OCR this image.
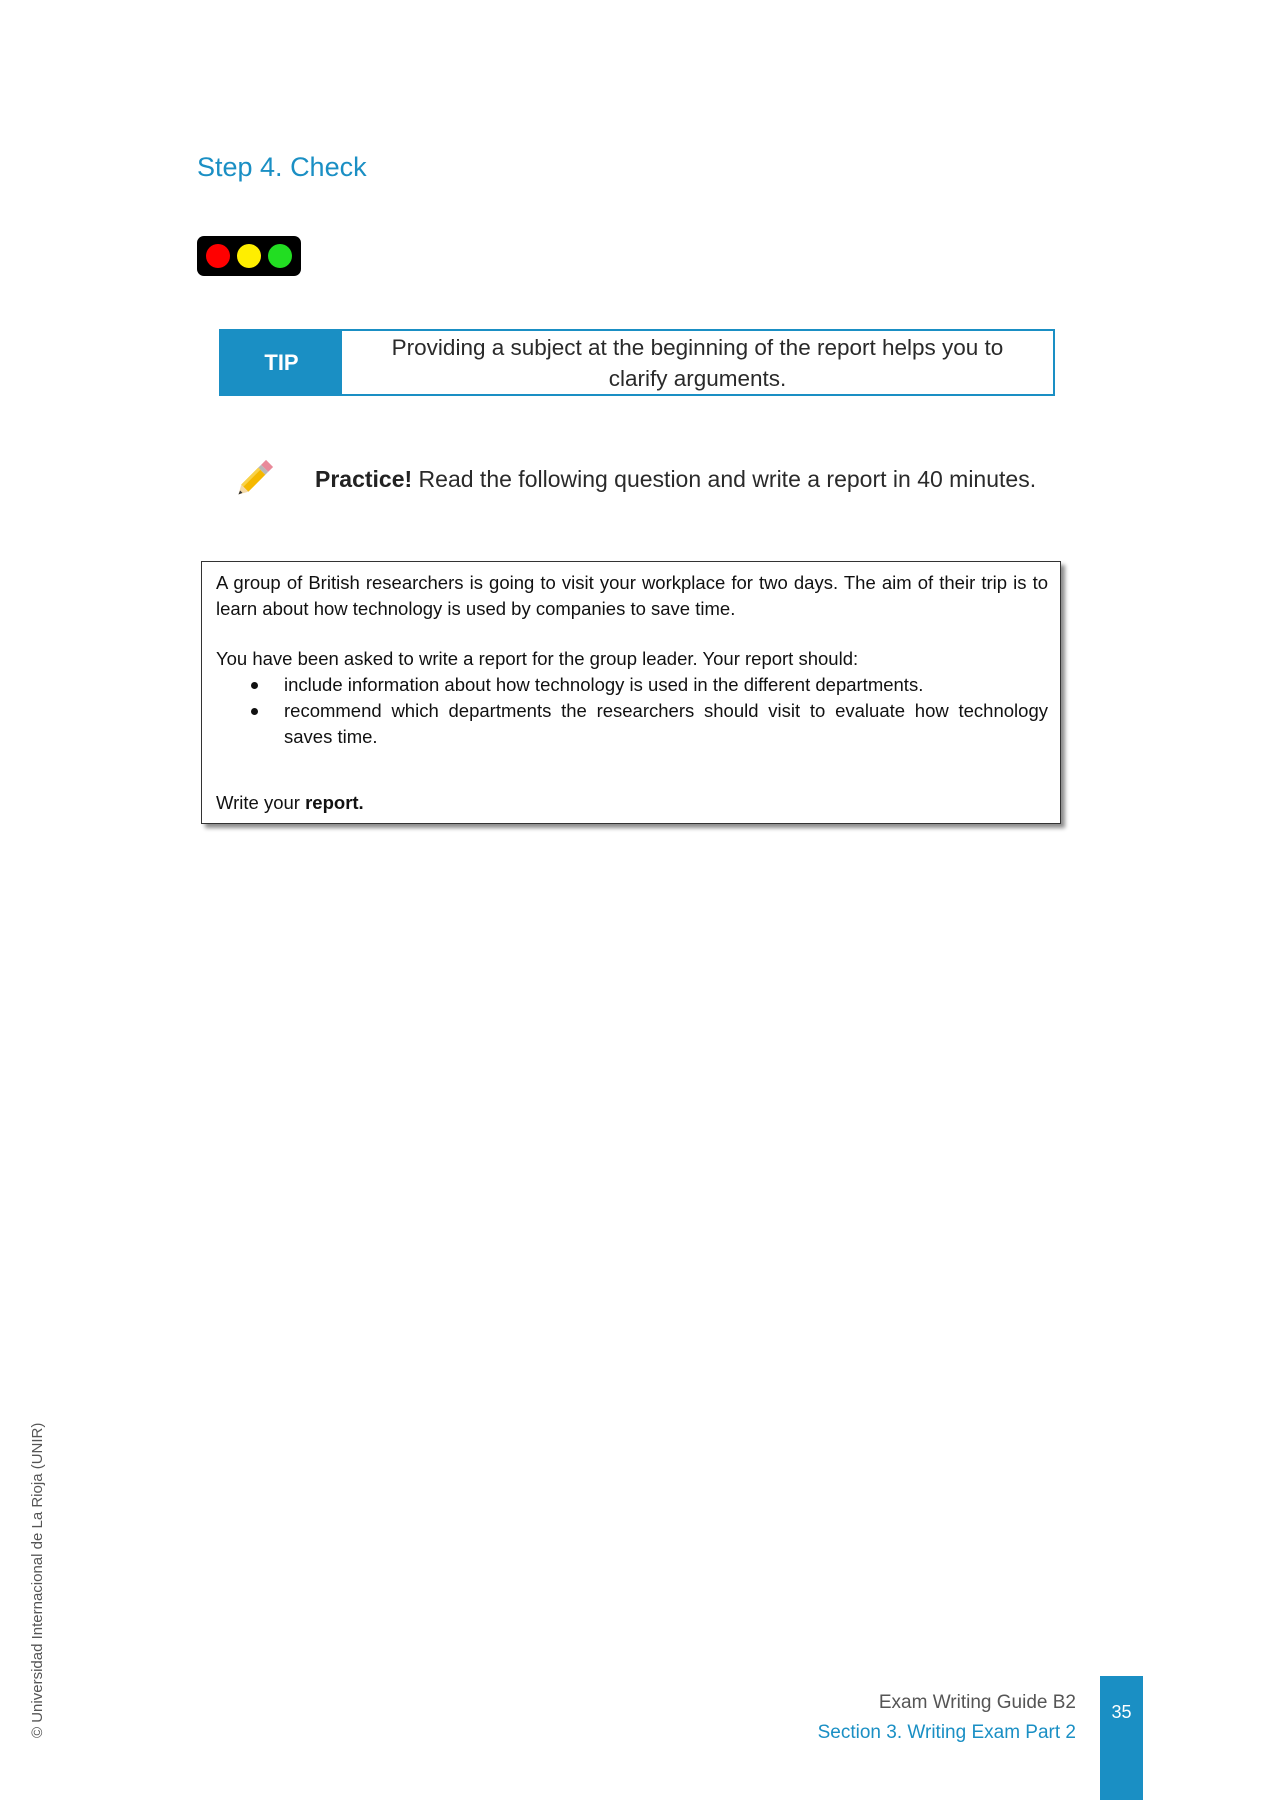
Step 4. Check
TIP
Providing a subject at the beginning of the report helps you to clarify arguments.
Practice! Read the following question and write a report in 40 minutes.

A group of British researchers is going to visit your workplace for two days. The aim of their trip is to learn about how technology is used by companies to save time.

You have been asked to write a report for the group leader. Your report should:

include information about how technology is used in the different departments.
recommend which departments the researchers should visit to evaluate how technology saves time.
Write your report.
© Universidad Internacional de La Rioja (UNIR)	Exam Writing Guide B2
Section 3. Writing Exam Part 2
35
